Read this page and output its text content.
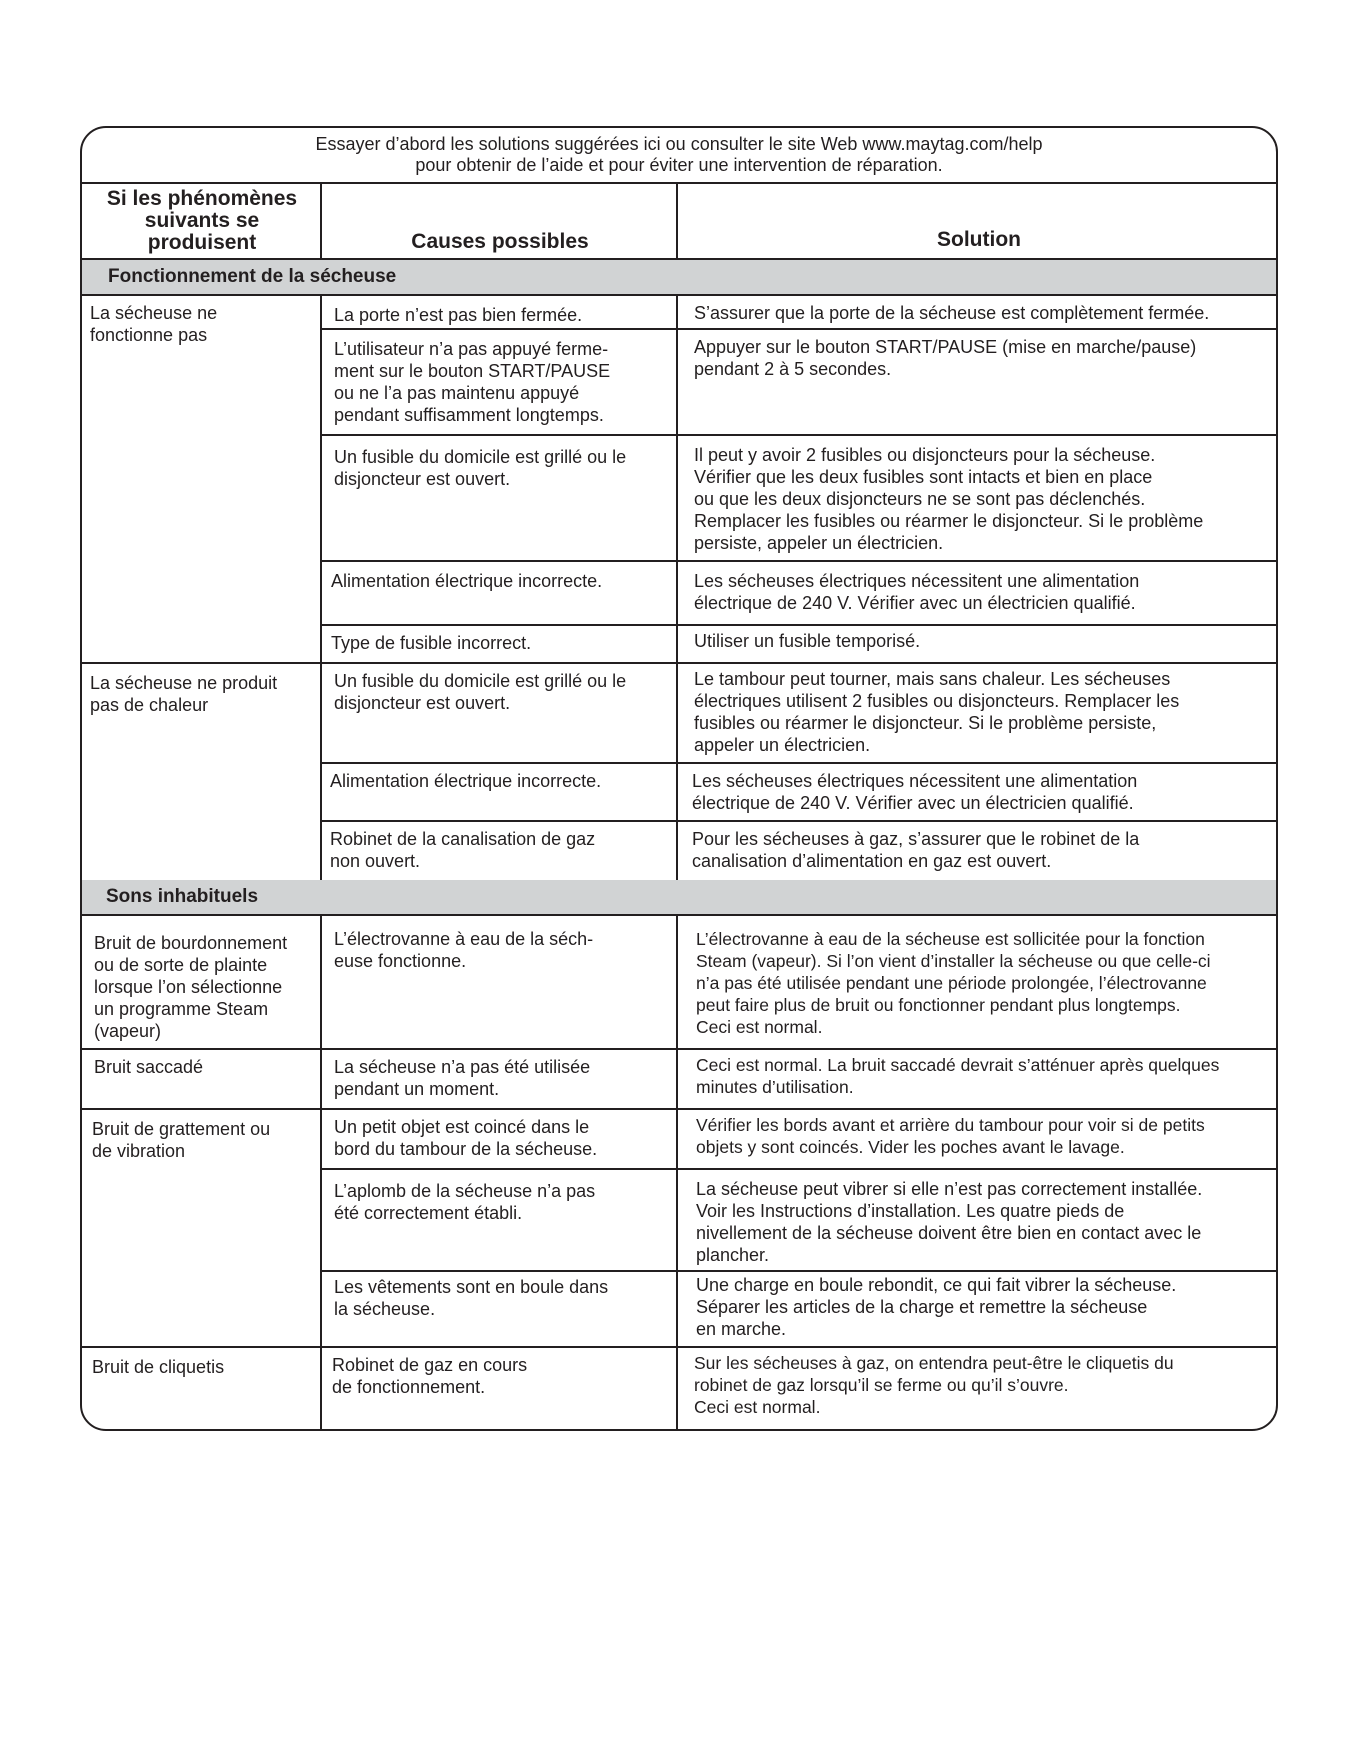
Essayer d’abord les solutions suggérées ici ou consulter le site Web www.maytag.com/help
pour obtenir de l’aide et pour éviter une intervention de réparation.
Si les phénomènes
suivants se
produisent	Causes possibles	Solution
Fonctionnement de la sécheuse
Sons inhabituels
La sécheuse ne
fonctionne pas
La sécheuse ne produit
pas de chaleur
Bruit de bourdonnement
ou de sorte de plainte
lorsque l’on sélectionne
un programme Steam
(vapeur)
Bruit saccadé
Bruit de grattement ou
de vibration
Bruit de cliquetis
La porte n’est pas bien fermée.
L’utilisateur n’a pas appuyé ferme-
ment sur le bouton START/PAUSE
ou ne l’a pas maintenu appuyé
pendant suffisamment longtemps.
Un fusible du domicile est grillé ou le
disjoncteur est ouvert.
Alimentation électrique incorrecte.
Type de fusible incorrect.
Un fusible du domicile est grillé ou le
disjoncteur est ouvert.
Alimentation électrique incorrecte.
Robinet de la canalisation de gaz
non ouvert.
L’électrovanne à eau de la séch-
euse fonctionne.
La sécheuse n’a pas été utilisée
pendant un moment.
Un petit objet est coincé dans le
bord du tambour de la sécheuse.
L’aplomb de la sécheuse n’a pas
été correctement établi.
Les vêtements sont en boule dans
la sécheuse.
Robinet de gaz en cours
de fonctionnement.
S’assurer que la porte de la sécheuse est complètement fermée.
Appuyer sur le bouton START/PAUSE (mise en marche/pause)
pendant 2 à 5 secondes.
Il peut y avoir 2 fusibles ou disjoncteurs pour la sécheuse.
Vérifier que les deux fusibles sont intacts et bien en place
ou que les deux disjoncteurs ne se sont pas déclenchés.
Remplacer les fusibles ou réarmer le disjoncteur. Si le problème
persiste, appeler un électricien.
Les sécheuses électriques nécessitent une alimentation
électrique de 240 V. Vérifier avec un électricien qualifié.
Utiliser un fusible temporisé.
Le tambour peut tourner, mais sans chaleur. Les sécheuses
électriques utilisent 2 fusibles ou disjoncteurs. Remplacer les
fusibles ou réarmer le disjoncteur. Si le problème persiste,
appeler un électricien.
Les sécheuses électriques nécessitent une alimentation
électrique de 240 V. Vérifier avec un électricien qualifié.
Pour les sécheuses à gaz, s’assurer que le robinet de la
canalisation d’alimentation en gaz est ouvert.
L’électrovanne à eau de la sécheuse est sollicitée pour la fonction
Steam (vapeur). Si l’on vient d’installer la sécheuse ou que celle-ci
n’a pas été utilisée pendant une période prolongée, l’électrovanne
peut faire plus de bruit ou fonctionner pendant plus longtemps.
Ceci est normal.
Ceci est normal. La bruit saccadé devrait s’atténuer après quelques
minutes d’utilisation.
Vérifier les bords avant et arrière du tambour pour voir si de petits
objets y sont coincés. Vider les poches avant le lavage.
La sécheuse peut vibrer si elle n’est pas correctement installée.
Voir les Instructions d’installation. Les quatre pieds de
nivellement de la sécheuse doivent être bien en contact avec le
plancher.
Une charge en boule rebondit, ce qui fait vibrer la sécheuse.
Séparer les articles de la charge et remettre la sécheuse
en marche.
Sur les sécheuses à gaz, on entendra peut-être le cliquetis du
robinet de gaz lorsqu’il se ferme ou qu’il s’ouvre.
Ceci est normal.
